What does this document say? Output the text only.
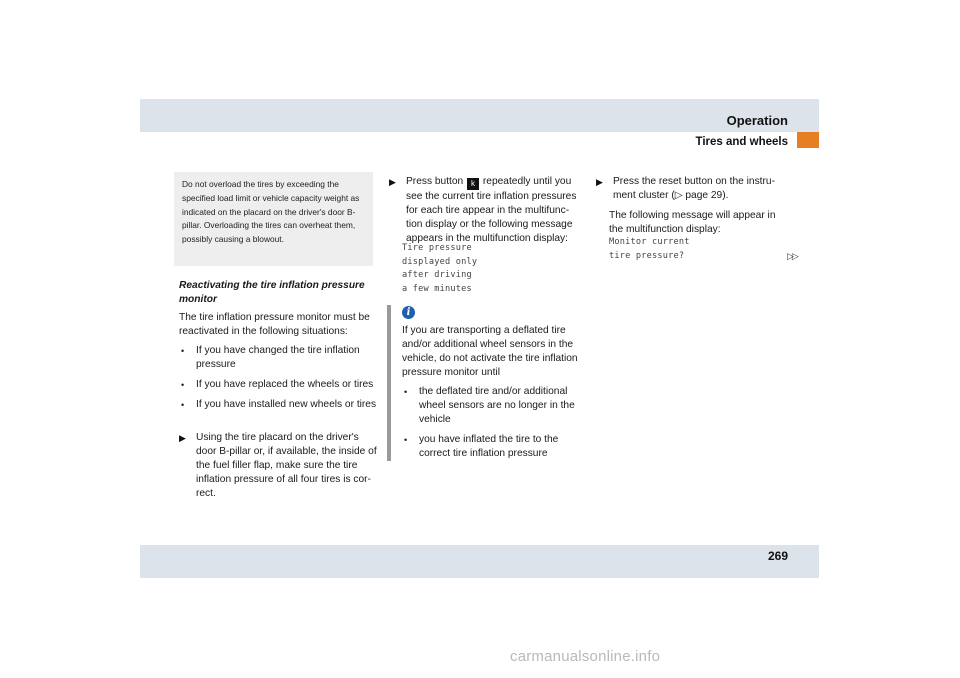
Operation
Tires and wheels
Do not overload the tires by exceeding the specified load limit or vehicle capacity weight as indicated on the placard on the driver's door B-pillar. Overloading the tires can overheat them, possibly causing a blowout.
Reactivating the tire inflation pressure monitor
The tire inflation pressure monitor must be reactivated in the following situations:
• If you have changed the tire inflation pressure
• If you have replaced the wheels or tires
• If you have installed new wheels or tires
▶ Using the tire placard on the driver's door B-pillar or, if available, the inside of the fuel filler flap, make sure the tire inflation pressure of all four tires is cor-rect.
▶ Press button k repeatedly until you see the current tire inflation pressures for each tire appear in the multifunc-tion display or the following message appears in the multifunction display:
Tire pressure
displayed only
after driving
a few minutes
i
If you are transporting a deflated tire and/or additional wheel sensors in the vehicle, do not activate the tire inflation pressure monitor until
• the deflated tire and/or additional wheel sensors are no longer in the vehicle
• you have inflated the tire to the correct tire inflation pressure
▶ Press the reset button on the instru-ment cluster (▷ page 29).
The following message will appear in the multifunction display:
Monitor current
tire pressure?	▷▷
269
carmanualsonline.info
